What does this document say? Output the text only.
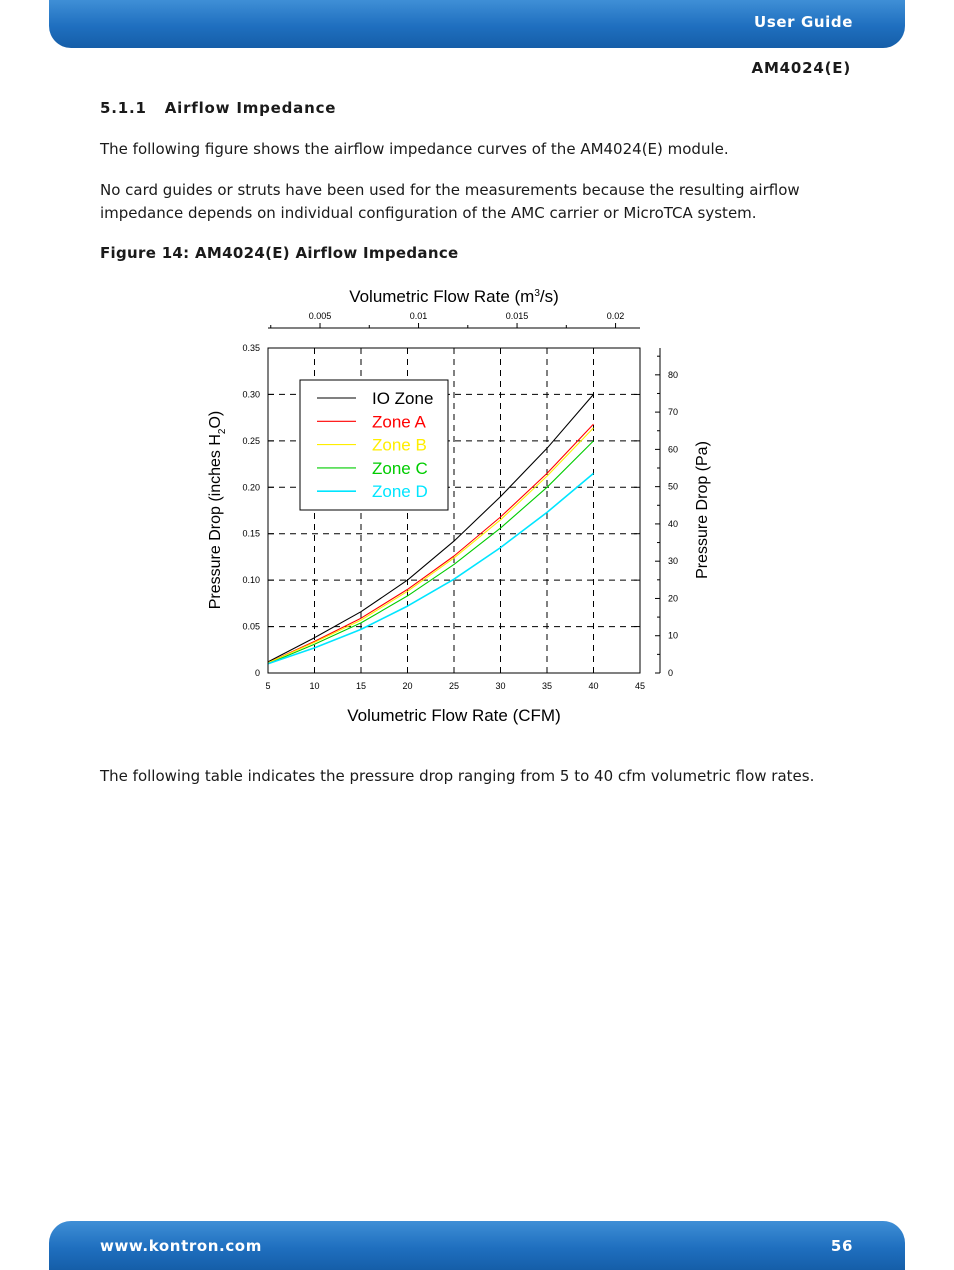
User Guide
AM4024(E)
5.1.1 Airflow Impedance
The following figure shows the airflow impedance curves of the AM4024(E) module.
No card guides or struts have been used for the measurements because the resulting airflow impedance depends on individual configuration of the AMC carrier or MicroTCA system.
Figure 14: AM4024(E) Airflow Impedance
5	10	15	20	25	30	35	40	45
0
0.05
0.10
0.15
0.20
0.25
0.30
0.35
0.005	0.01	0.015	0.02
0
10
20
30
40
50
60
70
80
IO Zone
Zone A
Zone B
Zone C
Zone D
Volumetric Flow Rate $(m^3/s)$
Volumetric Flow Rate (CFM)
Pressure Drop (inches $H_2O$)
Pressure Drop (Pa)
The following table indicates the pressure drop ranging from 5 to 40 cfm volumetric flow rates.
www.kontron.com	56
